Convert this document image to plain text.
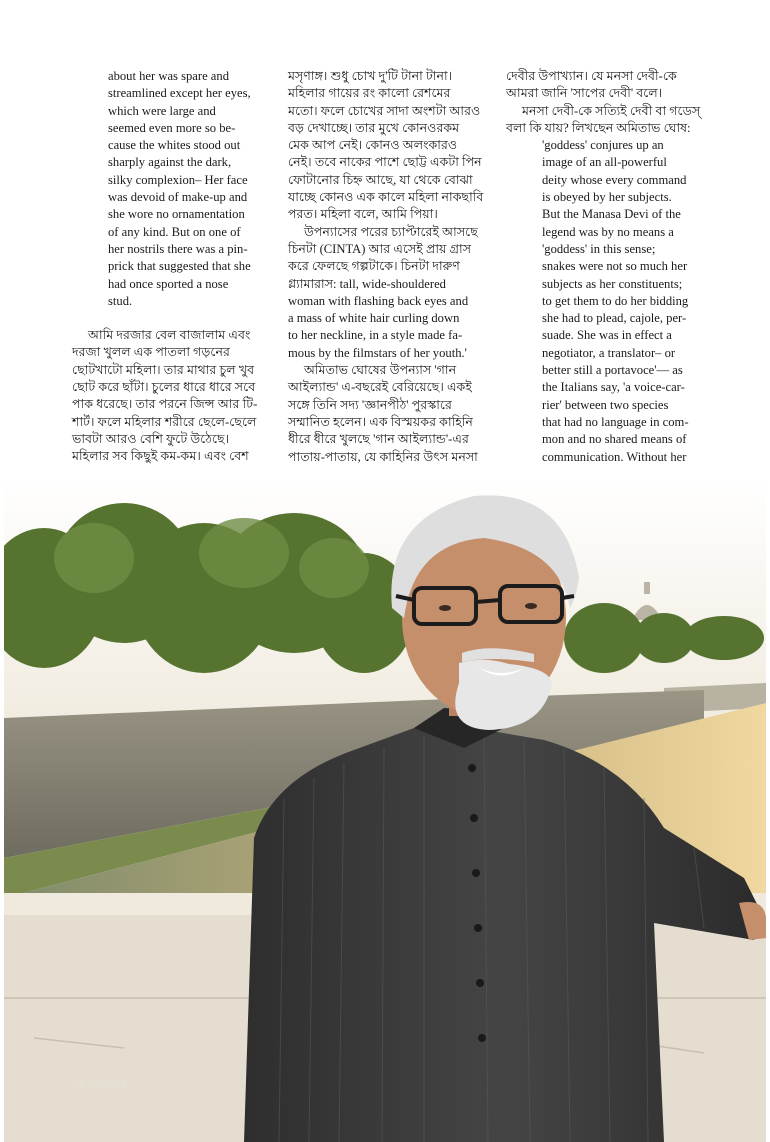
about her was spare and

streamlined except her eyes,

which were large and

seemed even more so be-

cause the whites stood out

sharply against the dark,

silky complexion– Her face

was devoid of make-up and

she wore no ornamentation

of any kind. But on one of

her nostrils there was a pin-

prick that suggested that she

had once sported a nose

stud.

আমি দরজার বেল বাজালাম এবং

দরজা খুলল এক পাতলা গড়নের

ছোটখাটো মহিলা। তার মাথার চুল খুব

ছোট করে ছাঁটা। চুলের ধারে ধারে সবে

পাক ধরেছে। তার পরনে জিন্স আর টি-

শার্ট। ফলে মহিলার শরীরে ছেলে-ছেলে

ভাবটা আরও বেশি ফুটে উঠেছে।

মহিলার সব কিছুই কম-কম। এবং বেশ

মসৃণাঙ্গ। শুধু চোখ দু'টি টানা টানা।

মহিলার গায়ের রং কালো রেশমের

মতো। ফলে চোখের সাদা অংশটা আরও

বড় দেখাচ্ছে। তার মুখে কোনওরকম

মেক আপ নেই। কোনও অলংকারও

নেই। তবে নাকের পাশে ছোট্ট একটা পিন

ফোটানোর চিহ্ন আছে, যা থেকে বোঝা

যাচ্ছে কোনও এক কালে মহিলা নাকছাবি

পরত। মহিলা বলে, আমি পিয়া।

উপন্যাসের পরের চ্যাপ্টারেই আসছে

চিনটা (CINTA) আর এসেই প্রায় গ্রাস

করে ফেলছে গল্পটাকে। চিনটা দারুণ

গ্ল্যামারাস: tall, wide-shouldered

woman with flashing back eyes and

a mass of white hair curling down

to her neckline, in a style made fa-

mous by the filmstars of her youth.'

অমিতাভ ঘোষের উপন্যাস 'গান

আইল্যান্ড' এ-বছরেই বেরিয়েছে। একই

সঙ্গে তিনি সদ্য 'জ্ঞানপীঠ' পুরস্কারে

সম্মানিত হলেন। এক বিস্ময়কর কাহিনি

ধীরে ধীরে খুলছে 'গান আইল্যান্ড'-এর

পাতায়-পাতায়, যে কাহিনির উৎস মনসা

দেবীর উপাখ্যান। যে মনসা দেবী-কে

আমরা জানি 'সাপের দেবী' বলে।

মনসা দেবী-কে সত্যিই দেবী বা গডেস্

বলা কি যায়? লিখছেন অমিতাভ ঘোষ:

'goddess' conjures up an

image of an all-powerful

deity whose every command

is obeyed by her subjects.

But the Manasa Devi of the

legend was by no means a

'goddess' in this sense;

snakes were not so much her

subjects as her constituents;

to get them to do her bidding

she had to plead, cajole, per-

suade. She was in effect a

negotiator, a translator– or

better still a portavoce'— as

the Italians say, 'a voice-car-

rier' between two species

that had no language in com-

mon and no shared means of

communication. Without her

১৬ রোববার
